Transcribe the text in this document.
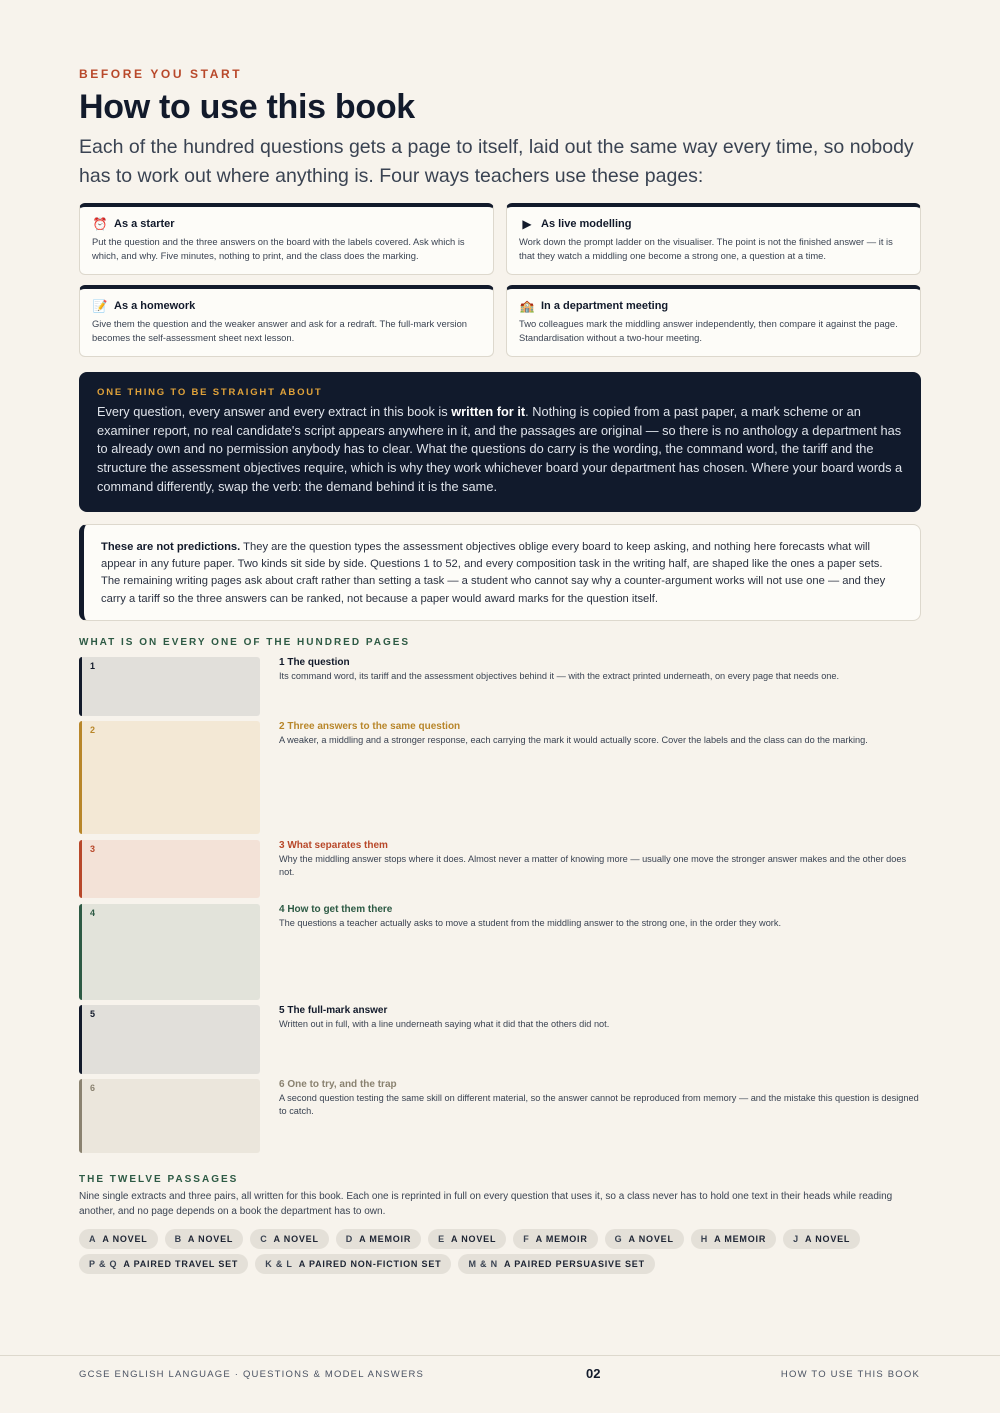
BEFORE YOU START
How to use this book

Each of the hundred questions gets a page to itself, laid out the same way every time, so nobody has to work out where anything is. Four ways teachers use these pages:

⏰ As a starter
Put the question and the three answers on the board with the labels covered. Ask which is which, and why. Five minutes, nothing to print, and the class does the marking.
▶ As live modelling
Work down the prompt ladder on the visualiser. The point is not the finished answer — it is that they watch a middling one become a strong one, a question at a time.
📝 As a homework
Give them the question and the weaker answer and ask for a redraft. The full-mark version becomes the self-assessment sheet next lesson.
🏫 In a department meeting
Two colleagues mark the middling answer independently, then compare it against the page. Standardisation without a two-hour meeting.
ONE THING TO BE STRAIGHT ABOUT

Every question, every answer and every extract in this book is written for it. Nothing is copied from a past paper, a mark scheme or an examiner report, no real candidate's script appears anywhere in it, and the passages are original — so there is no anthology a department has to already own and no permission anybody has to clear. What the questions do carry is the wording, the command word, the tariff and the structure the assessment objectives require, which is why they work whichever board your department has chosen. Where your board words a command differently, swap the verb: the demand behind it is the same.

These are not predictions. They are the question types the assessment objectives oblige every board to keep asking, and nothing here forecasts what will appear in any future paper. Two kinds sit side by side. Questions 1 to 52, and every composition task in the writing half, are shaped like the ones a paper sets. The remaining writing pages ask about craft rather than setting a task — a student who cannot say why a counter-argument works will not use one — and they carry a tariff so the three answers can be ranked, not because a paper would award marks for the question itself.

WHAT IS ON EVERY ONE OF THE HUNDRED PAGES
1	1 The question
Its command word, its tariff and the assessment objectives behind it — with the extract printed underneath, on every page that needs one.
2	2 Three answers to the same question
A weaker, a middling and a stronger response, each carrying the mark it would actually score. Cover the labels and the class can do the marking.
3	3 What separates them
Why the middling answer stops where it does. Almost never a matter of knowing more — usually one move the stronger answer makes and the other does not.
4	4 How to get them there
The questions a teacher actually asks to move a student from the middling answer to the strong one, in the order they work.
5	5 The full-mark answer
Written out in full, with a line underneath saying what it did that the others did not.
6	6 One to try, and the trap
A second question testing the same skill on different material, so the answer cannot be reproduced from memory — and the mistake this question is designed to catch.
THE TWELVE PASSAGES

Nine single extracts and three pairs, all written for this book. Each one is reprinted in full on every question that uses it, so a class never has to hold one text in their heads while reading another, and no page depends on a book the department has to own.

A A NOVEL	B A NOVEL	C A NOVEL	D A MEMOIR	E A NOVEL	F A MEMOIR	G A NOVEL	H A MEMOIR	J A NOVEL
P & Q A PAIRED TRAVEL SET	K & L A PAIRED NON-FICTION SET	M & N A PAIRED PERSUASIVE SET
GCSE ENGLISH LANGUAGE · QUESTIONS & MODEL ANSWERS	02	HOW TO USE THIS BOOK
